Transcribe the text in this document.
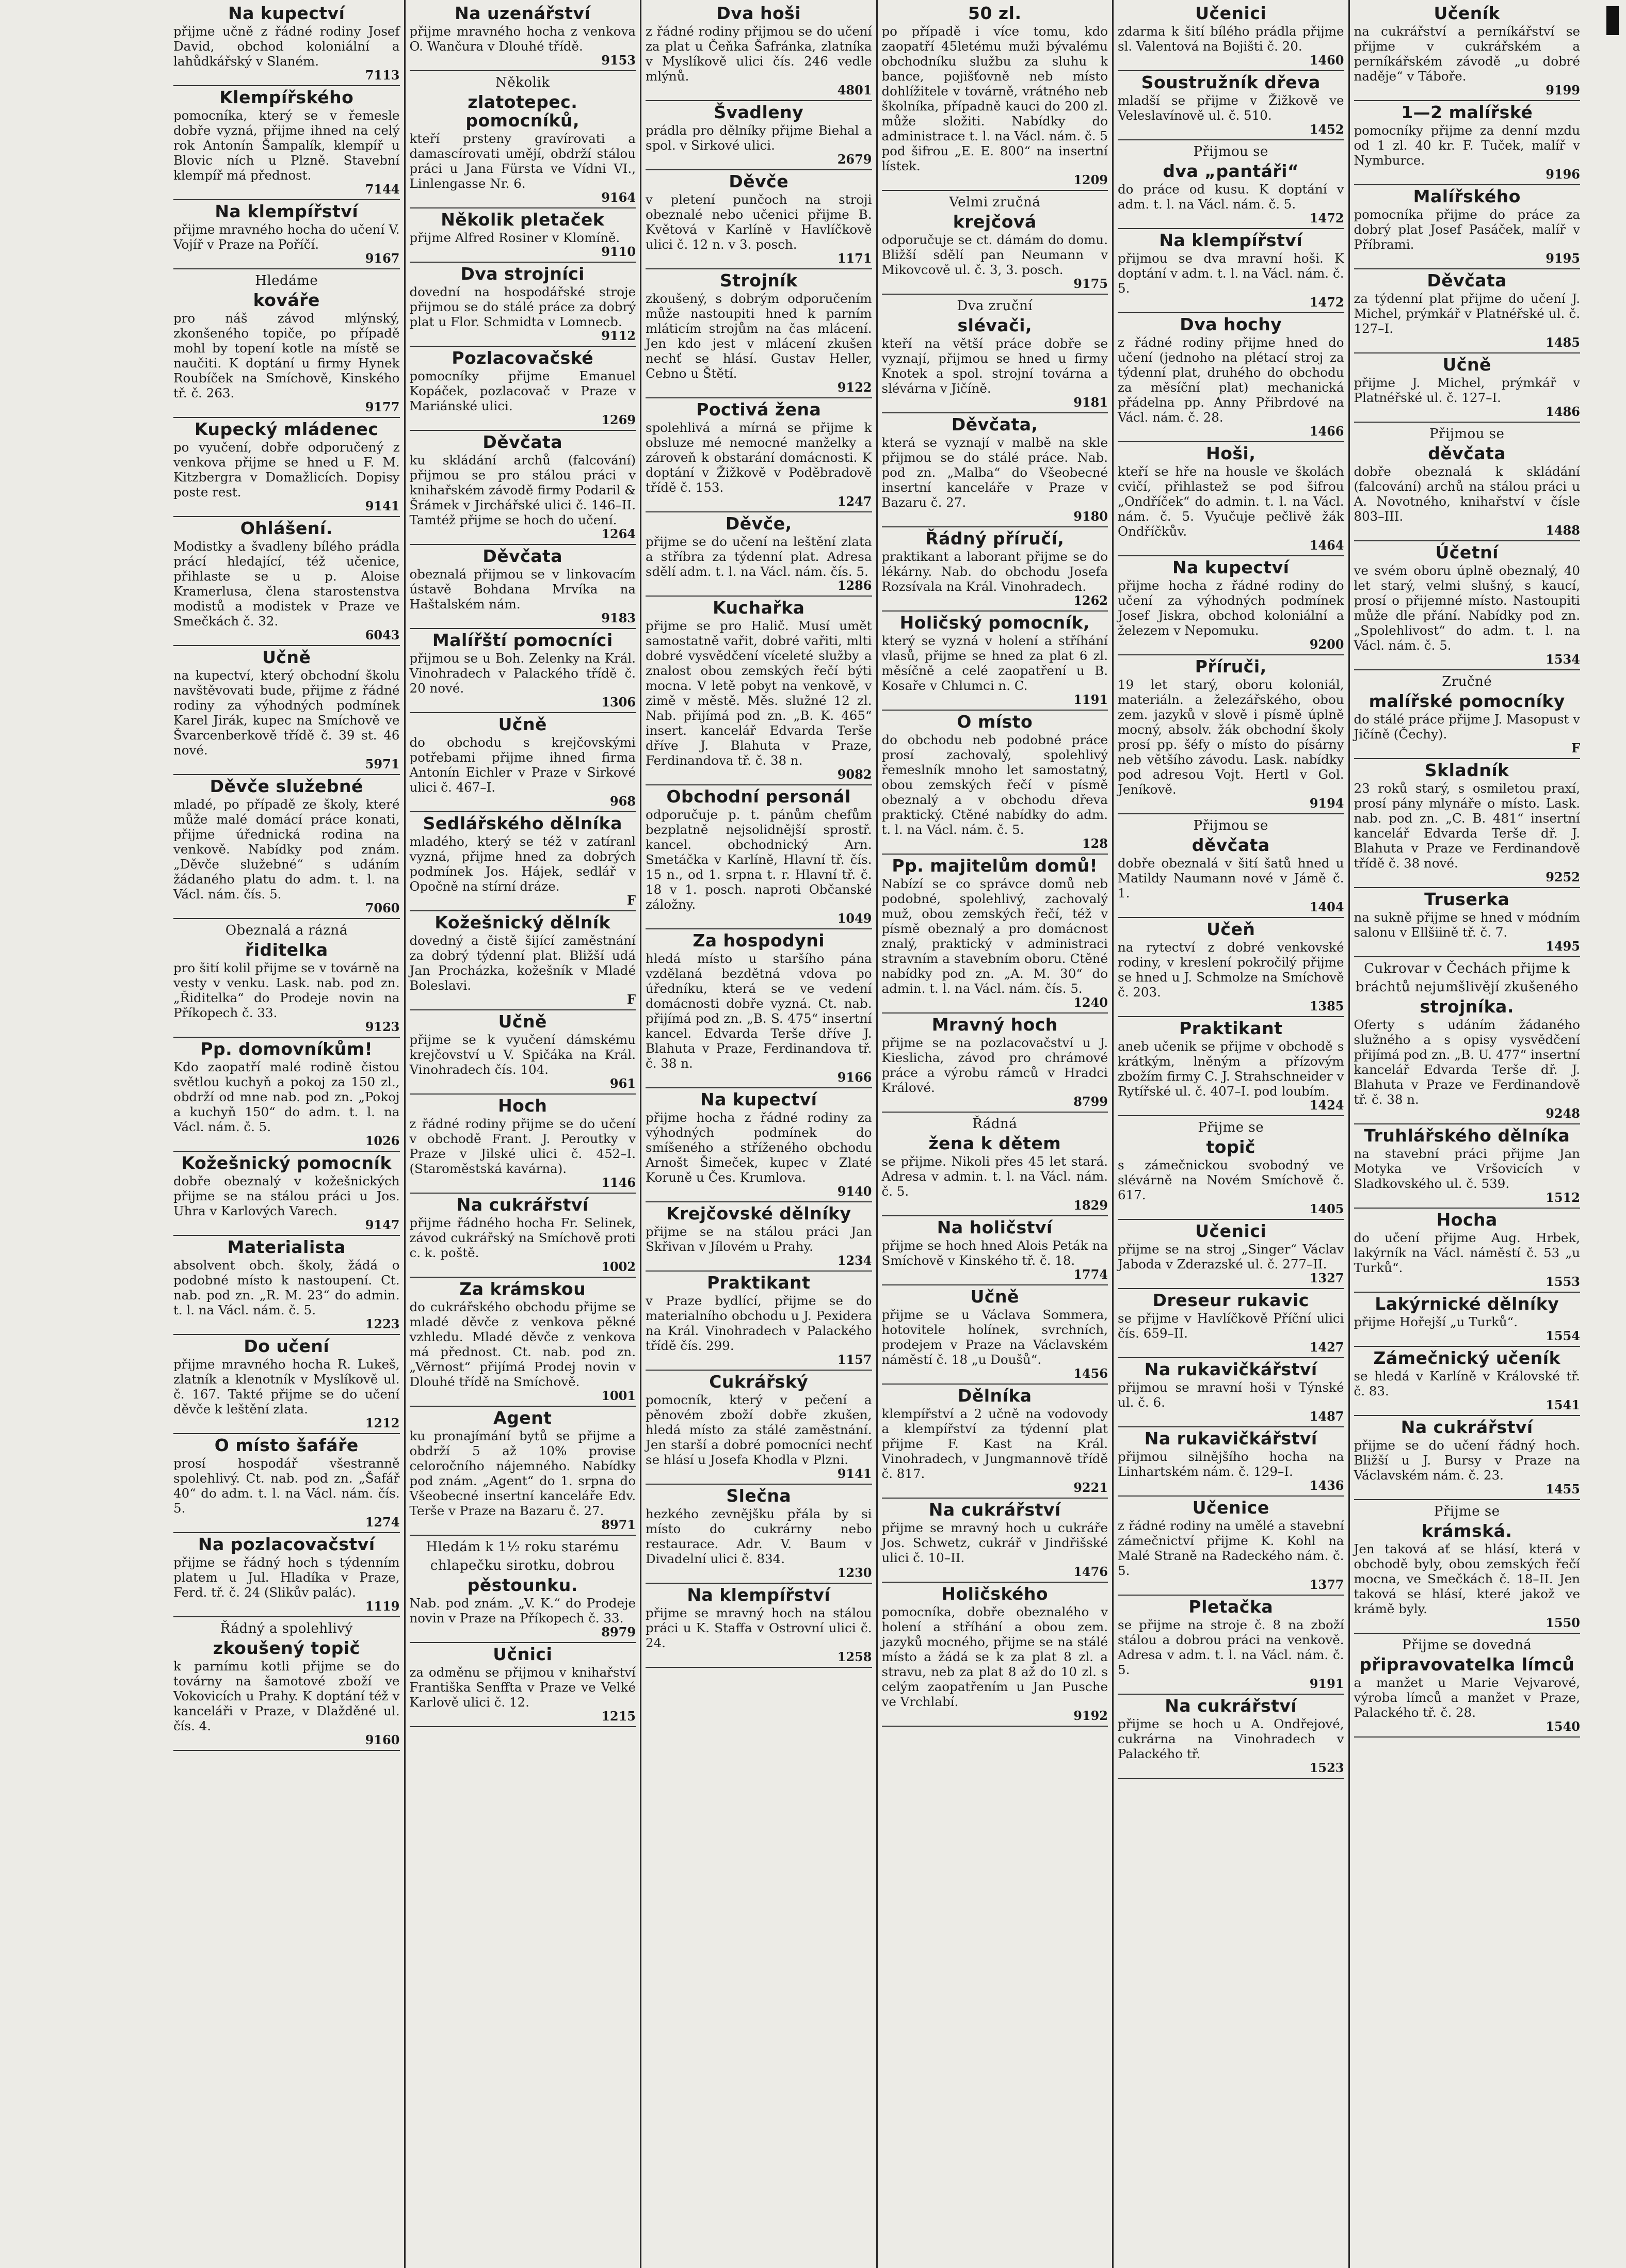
Na kupectví

přijme učně z řádné rodiny Josef David, obchod koloniální a lahůdkářský v Slaném.

7113
Klempířského

pomocníka, který se v řemesle dobře vyzná, přijme ihned na celý rok Antonín Šampalík, klempíř u Blovic ních u Plzně. Stavební klempíř má přednost.

7144
Na klempířství

přijme mravného hocha do učení V. Vojíř v Praze na Poříčí.

9167
Hledáme
kováře

pro náš závod mlýnský, zkonšeného topiče, po případě mohl by topení kotle na místě se naučiti. K doptání u firmy Hynek Roubíček na Smíchově, Kinského tř. č. 263.

9177
Kupecký mládenec

po vyučení, dobře odporučený z venkova přijme se hned u F. M. Kitzbergra v Domažlicích. Dopisy poste rest.

9141
Ohlášení.

Modistky a švadleny bílého prádla prácí hledající, též učenice, přihlaste se u p. Aloise Kramerlusa, člena starostenstva modistů a modistek v Praze ve Smečkách č. 32.

6043
Učně

na kupectví, který obchodní školu navštěvovati bude, přijme z řádné rodiny za výhodných podmínek Karel Jirák, kupec na Smíchově ve Švarcenberkově třídě č. 39 st. 46 nové.

5971
Děvče služebné

mladé, po případě ze školy, které může malé domácí práce konati, přijme úřednická rodina na venkově. Nabídky pod znám. „Děvče služebné“ s udáním žádaného platu do adm. t. l. na Václ. nám. čís. 5.

7060
Obeznalá a rázná
řiditelka

pro šití kolil přijme se v továrně na vesty v venku. Lask. nab. pod zn. „Řiditelka“ do Prodeje novin na Příkopech č. 33.

9123
Pp. domovníkům!

Kdo zaopatří malé rodině čistou světlou kuchyň a pokoj za 150 zl., obdrží od mne nab. pod zn. „Pokoj a kuchyň 150“ do adm. t. l. na Václ. nám. č. 5.

1026
Kožešnický pomocník

dobře obeznalý v kožešnických přijme se na stálou práci u Jos. Uhra v Karlových Varech.

9147
Materialista

absolvent obch. školy, žádá o podobné místo k nastoupení. Ct. nab. pod zn. „R. M. 23“ do admin. t. l. na Václ. nám. č. 5.

1223
Do učení

přijme mravného hocha R. Lukeš, zlatník a klenotník v Myslíkově ul. č. 167. Takté přijme se do učení děvče k leštění zlata.

1212
O místo šafáře

prosí hospodář všestranně spolehlivý. Ct. nab. pod zn. „Šafář 40“ do adm. t. l. na Václ. nám. čís. 5.

1274
Na pozlacovačství

přijme se řádný hoch s týdenním platem u Jul. Hladíka v Praze, Ferd. tř. č. 24 (Slikův palác).

1119
Řádný a spolehlivý
zkoušený topič

k parnímu kotli přijme se do továrny na šamotové zboží ve Vokovicích u Prahy. K doptání též v kanceláři v Praze, v Dlažděné ul. čís. 4.

9160
Na uzenářství

přijme mravného hocha z venkova O. Wančura v Dlouhé třídě.

9153
Několik
zlatotepec. pomocníků,

kteří prsteny gravírovati a damascírovati umějí, obdrží stálou práci u Jana Fürsta ve Vídni VI., Linlengasse Nr. 6.

9164
Několik pletaček

přijme Alfred Rosiner v Klomíně.

9110
Dva strojníci

dovední na hospodářské stroje přijmou se do stálé práce za dobrý plat u Flor. Schmidta v Lomnecb.

9112
Pozlacovačské

pomocníky přijme Emanuel Kopáček, pozlacovač v Praze v Mariánské ulici.

1269
Děvčata

ku skládání archů (falcování) přijmou se pro stálou práci v knihařském závodě firmy Podaril & Šrámek v Jirchářské ulici č. 146–II. Tamtéž přijme se hoch do učení.

1264
Děvčata

obeznalá přijmou se v linkovacím ústavě Bohdana Mrvíka na Haštalském nám.

9183
Malířští pomocníci

přijmou se u Boh. Zelenky na Král. Vinohradech v Palackého třídě č. 20 nové.

1306
Učně

do obchodu s krejčovskými potřebami přijme ihned firma Antonín Eichler v Praze v Sirkové ulici č. 467–I.

968
Sedlářského dělníka

mladého, který se též v zatíranl vyzná, přijme hned za dobrých podmínek Jos. Hájek, sedlář v Opočně na stírní dráze.

F
Kožešnický dělník

dovedný a čistě šijící zaměstnání za dobrý týdenní plat. Bližší udá Jan Procházka, kožešník v Mladé Boleslavi.

F
Učně

přijme se k vyučení dámskému krejčovství u V. Spičáka na Král. Vinohradech čís. 104.

961
Hoch

z řádné rodiny přijme se do učení v obchodě Frant. J. Peroutky v Praze v Jilské ulici č. 452–I. (Staroměstská kavárna).

1146
Na cukrářství

přijme řádného hocha Fr. Selinek, závod cukrářský na Smíchově proti c. k. poště.

1002
Za krámskou

do cukrářského obchodu přijme se mladé děvče z venkova pěkné vzhledu. Mladé děvče z venkova má přednost. Ct. nab. pod zn. „Věrnost“ přijímá Prodej novin v Dlouhé třídě na Smíchově.

1001
Agent

ku pronajímání bytů se přijme a obdrží 5 až 10% provise celoročního nájemného. Nabídky pod znám. „Agent“ do 1. srpna do Všeobecné insertní kanceláře Edv. Terše v Praze na Bazaru č. 27.

8971
Hledám k 1½ roku starému chlapečku sirotku, dobrou
pěstounku.

Nab. pod znám. „V. K.“ do Prodeje novin v Praze na Příkopech č. 33.

8979
Učnici

za odměnu se přijmou v knihařství Františka Senffta v Praze ve Velké Karlově ulici č. 12.

1215
Dva hoši

z řádné rodiny přijmou se do učení za plat u Čeňka Šafránka, zlatníka v Myslíkově ulici čís. 246 vedle mlýnů.

4801
Švadleny

prádla pro dělníky přijme Biehal a spol. v Sirkové ulici.

2679
Děvče

v pletení punčoch na stroji obeznalé nebo učenici přijme B. Květová v Karlíně v Havlíčkově ulici č. 12 n. v 3. posch.

1171
Strojník

zkoušený, s dobrým odporučením může nastoupiti hned k parním mláticím strojům na čas mlácení. Jen kdo jest v mlácení zkušen nechť se hlásí. Gustav Heller, Cebno u Štětí.

9122
Poctivá žena

spolehlivá a mírná se přijme k obsluze mé nemocné manželky a zároveň k obstarání domácnosti. K doptání v Žižkově v Poděbradově třídě č. 153.

1247
Děvče,

přijme se do učení na leštění zlata a stříbra za týdenní plat. Adresa sdělí adm. t. l. na Václ. nám. čís. 5.

1286
Kuchařka

přijme se pro Halič. Musí umět samostatně vařit, dobré vařiti, mlti dobré vysvědčení víceleté služby a znalost obou zemských řečí býti mocna. V letě pobyt na venkově, v zimě v městě. Měs. služné 12 zl. Nab. přijímá pod zn. „B. K. 465“ insert. kancelář Edvarda Terše dříve J. Blahuta v Praze, Ferdinandova tř. č. 38 n.

9082
Obchodní personál

odporučuje p. t. pánům chefům bezplatně nejsolidnější sprostř. kancel. obchodnický Arn. Smetáčka v Karlíně, Hlavní tř. čís. 15 n., od 1. srpna t. r. Hlavní tř. č. 18 v 1. posch. naproti Občanské záložny.

1049
Za hospodyni

hledá místo u staršího pána vzdělaná bezdětná vdova po úředníku, která se ve vedení domácnosti dobře vyzná. Ct. nab. přijímá pod zn. „B. S. 475“ insertní kancel. Edvarda Terše dříve J. Blahuta v Praze, Ferdinandova tř. č. 38 n.

9166
Na kupectví

přijme hocha z řádné rodiny za výhodných podmínek do smíšeného a stříženého obchodu Arnošt Šimeček, kupec v Zlaté Koruně u Čes. Krumlova.

9140
Krejčovské dělníky

přijme se na stálou práci Jan Skřivan v Jílovém u Prahy.

1234
Praktikant

v Praze bydlící, přijme se do materialního obchodu u J. Pexidera na Král. Vinohradech v Palackého třídě čís. 299.

1157
Cukrářský

pomocník, který v pečení a pěnovém zboží dobře zkušen, hledá místo za stálé zaměstnání. Jen starší a dobré pomocníci nechť se hlásí u Josefa Khodla v Plzni.

9141
Slečna

hezkého zevnějšku přála by si místo do cukrárny nebo restaurace. Adr. V. Baum v Divadelní ulici č. 834.

1230
Na klempířství

přijme se mravný hoch na stálou práci u K. Staffa v Ostrovní ulici č. 24.

1258
50 zl.

po případě i více tomu, kdo zaopatří 45letému muži bývalému obchodníku službu za sluhu k bance, pojišťovně neb místo dohlížitele v továrně, vrátného neb školníka, případně kauci do 200 zl. může složiti. Nabídky do administrace t. l. na Václ. nám. č. 5 pod šifrou „E. E. 800“ na insertní lístek.

1209
Velmi zručná
krejčová

odporučuje se ct. dámám do domu. Bližší sdělí pan Neumann v Mikovcově ul. č. 3, 3. posch.

9175
Dva zruční
slévači,

kteří na větší práce dobře se vyznají, přijmou se hned u firmy Knotek a spol. strojní továrna a slévárna v Jičíně.

9181
Děvčata,

která se vyznají v malbě na skle přijmou se do stálé práce. Nab. pod zn. „Malba“ do Všeobecné insertní kanceláře v Praze v Bazaru č. 27.

9180
Řádný příručí,

praktikant a laborant přijme se do lékárny. Nab. do obchodu Josefa Rozsívala na Král. Vinohradech.

1262
Holičský pomocník,

který se vyzná v holení a stříhání vlasů, přijme se hned za plat 6 zl. měsíčně a celé zaopatření u B. Kosaře v Chlumci n. C.

1191
O místo

do obchodu neb podobné práce prosí zachovalý, spolehlivý řemeslník mnoho let samostatný, obou zemských řečí v písmě obeznalý a v obchodu dřeva praktický. Ctěné nabídky do adm. t. l. na Václ. nám. č. 5.

128
Pp. majitelům domů!

Nabízí se co správce domů neb podobné, spolehlivý, zachovalý muž, obou zemských řečí, též v písmě obeznalý a pro domácnost znalý, praktický v administraci stravním a stavebním oboru. Ctěné nabídky pod zn. „A. M. 30“ do admin. t. l. na Václ. nám. čís. 5.

1240
Mravný hoch

přijme se na pozlacovačství u J. Kieslicha, závod pro chrámové práce a výrobu rámců v Hradci Králové.

8799
Řádná
žena k dětem

se přijme. Nikoli přes 45 let stará. Adresa v admin. t. l. na Václ. nám. č. 5.

1829
Na holičství

přijme se hoch hned Alois Peták na Smíchově v Kinského tř. č. 18.

1774
Učně

přijme se u Václava Sommera, hotovitele holínek, svrchních, prodejem v Praze na Václavském náměstí č. 18 „u Doušů“.

1456
Dělníka

klempířství a 2 učně na vodovody a klempířství za týdenní plat přijme F. Kast na Král. Vinohradech, v Jungmannově třídě č. 817.

9221
Na cukrářství

přijme se mravný hoch u cukráře Jos. Schwetz, cukrář v Jindřišské ulici č. 10–II.

1476
Holičského

pomocníka, dobře obeznalého v holení a stříhání a obou zem. jazyků mocného, přijme se na stálé místo a žádá se k za plat 8 zl. a stravu, neb za plat 8 až do 10 zl. s celým zaopatřením u Jan Pusche ve Vrchlabí.

9192
Učenici

zdarma k šití bílého prádla přijme sl. Valentová na Bojišti č. 20.

1460
Soustružník dřeva

mladší se přijme v Žižkově ve Veleslavínově ul. č. 510.

1452
Přijmou se
dva „pantáři“

do práce od kusu. K doptání v adm. t. l. na Václ. nám. č. 5.

1472
Na klempířství

přijmou se dva mravní hoši. K doptání v adm. t. l. na Václ. nám. č. 5.

1472
Dva hochy

z řádné rodiny přijme hned do učení (jednoho na plétací stroj za týdenní plat, druhého do obchodu za měsíční plat) mechanická přádelna pp. Anny Přibrdové na Václ. nám. č. 28.

1466
Hoši,

kteří se hře na housle ve školách cvičí, přihlastež se pod šifrou „Ondříček“ do admin. t. l. na Václ. nám. č. 5. Vyučuje pečlivě žák Ondříčkův.

1464
Na kupectví

přijme hocha z řádné rodiny do učení za výhodných podmínek Josef Jiskra, obchod koloniální a železem v Nepomuku.

9200
Příruči,

19 let starý, oboru koloniál, materiáln. a železářského, obou zem. jazyků v slově i písmě úplně mocný, absolv. žák obchodní školy prosí pp. šéfy o místo do písárny neb většího závodu. Lask. nabídky pod adresou Vojt. Hertl v Gol. Jeníkově.

9194
Přijmou se
děvčata

dobře obeznalá v šití šatů hned u Matildy Naumann nové v Jámě č. 1.

1404
Učeň

na rytectví z dobré venkovské rodiny, v kreslení pokročilý přijme se hned u J. Schmolze na Smíchově č. 203.

1385
Praktikant

aneb učenik se přijme v obchodě s krátkým, lněným a přízovým zbožím firmy C. J. Strahschneider v Rytířské ul. č. 407–I. pod loubím.

1424
Přijme se
topič

s zámečnickou svobodný ve slévárně na Novém Smíchově č. 617.

1405
Učenici

přijme se na stroj „Singer“ Václav Jaboda v Zderazské ul. č. 277–II.

1327
Dreseur rukavic

se přijme v Havlíčkově Příční ulici čís. 659–II.

1427
Na rukavičkářství

přijmou se mravní hoši v Týnské ul. č. 6.

1487
Na rukavičkářství

přijmou silnějšího hocha na Linhartském nám. č. 129–I.

1436
Učenice

z řádné rodiny na umělé a stavební zámečnictví přijme K. Kohl na Malé Straně na Radeckého nám. č. 5.

1377
Pletačka

se přijme na stroje č. 8 na zboží stálou a dobrou práci na venkově. Adresa v adm. t. l. na Václ. nám. č. 5.

9191
Na cukrářství

přijme se hoch u A. Ondřejové, cukrárna na Vinohradech v Palackého tř.

1523
Učeník

na cukrářství a perníkářství se přijme v cukrářském a perníkářském závodě „u dobré naděje“ v Táboře.

9199
1—2 malířské

pomocníky přijme za denní mzdu od 1 zl. 40 kr. F. Tuček, malíř v Nymburce.

9196
Malířského

pomocníka přijme do práce za dobrý plat Josef Pasáček, malíř v Příbrami.

9195
Děvčata

za týdenní plat přijme do učení J. Michel, prýmkář v Platnéřské ul. č. 127–I.

1485
Učně

přijme J. Michel, prýmkář v Platnéřské ul. č. 127–I.

1486
Přijmou se
děvčata

dobře obeznalá k skládání (falcování) archů na stálou práci u A. Novotného, knihařství v čísle 803–III.

1488
Účetní

ve svém oboru úplně obeznalý, 40 let starý, velmi slušný, s kaucí, prosí o přijemné místo. Nastoupiti může dle přání. Nabídky pod zn. „Spolehlivost“ do adm. t. l. na Václ. nám. č. 5.

1534
Zručné
malířské pomocníky

do stálé práce přijme J. Masopust v Jičíně (Čechy).

F
Skladník

23 roků starý, s osmiletou praxí, prosí pány mlynáře o místo. Lask. nab. pod zn. „C. B. 481“ insertní kancelář Edvarda Terše dř. J. Blahuta v Praze ve Ferdinandově třídě č. 38 nové.

9252
Truserka

na sukně přijme se hned v módním salonu v Ellšiině tř. č. 7.

1495
Cukrovar v Čechách přijme k bráchtů nejumšlivějí zkušeného
strojníka.

Oferty s udáním žádaného služného a s opisy vysvědčení přijímá pod zn. „B. U. 477“ insertní kancelář Edvarda Terše dř. J. Blahuta v Praze ve Ferdinandově tř. č. 38 n.

9248
Truhlářského dělníka

na stavební práci přijme Jan Motyka ve Vršovicích v Sladkovského ul. č. 539.

1512
Hocha

do učení přijme Aug. Hrbek, lakýrník na Václ. náměstí č. 53 „u Turků“.

1553
Lakýrnické dělníky

přijme Hořejší „u Turků“.

1554
Zámečnický učeník

se hledá v Karlíně v Královské tř. č. 83.

1541
Na cukrářství

přijme se do učení řádný hoch. Bližší u J. Bursy v Praze na Václavském nám. č. 23.

1455
Přijme se
krámská.

Jen taková ať se hlásí, která v obchodě byly, obou zemských řečí mocna, ve Smečkách č. 18–II. Jen taková se hlásí, které jakož ve krámě byly.

1550
Přijme se dovedná
připravovatelka límců

a manžet u Marie Vejvarové, výroba límců a manžet v Praze, Palackého tř. č. 28.

1540
